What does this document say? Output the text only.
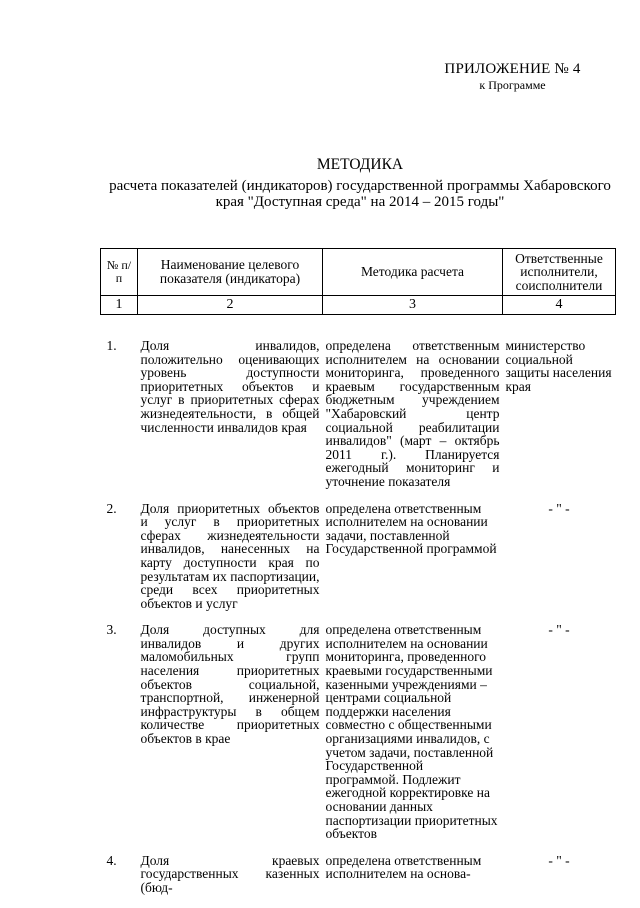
ПРИЛОЖЕНИЕ № 4
к Программе
МЕТОДИКА
расчета показателей (индикаторов) государственной программы Хабаровского края "Доступная среда" на 2014 – 2015 годы"
№ п/п	Наименование целевого показателя (индикатора)	Методика расчета	Ответственные исполнители, соисполнители
1	2	3	4
1.	Доля инвалидов, положительно оценивающих уровень доступности приоритетных объектов и услуг в приоритетных сферах жизнедеятельности, в общей численности инвалидов края	определена ответственным исполнителем на основании мониторинга, проведенного краевым государственным бюджетным учреждением "Хабаровский центр социальной реабилитации инвалидов" (март – октябрь 2011 г.). Планируется ежегодный мониторинг и уточнение показателя	министерство социальной защиты населения края
2.	Доля приоритетных объектов и услуг в приоритетных сферах жизнедеятельности инвалидов, нанесенных на карту доступности края по результатам их паспортизации, среди всех приоритетных объектов и услуг	определена ответственным исполнителем на основании задачи, поставленной Государственной программой	- " -
3.	Доля доступных для инвалидов и других маломобильных групп населения приоритетных объектов социальной, транспортной, инженерной инфраструктуры в общем количестве приоритетных объектов в крае	определена ответственным исполнителем на основании мониторинга, проведенного краевыми государственными казенными учреждениями – центрами социальной поддержки населения совместно с общественными организациями инвалидов, с учетом задачи, поставленной Государственной программой. Подлежит ежегодной корректировке на основании данных паспортизации приоритетных объектов	- " -
4.	Доля краевых государственных казенных (бюд-	определена ответственным исполнителем на основа-	- " -
